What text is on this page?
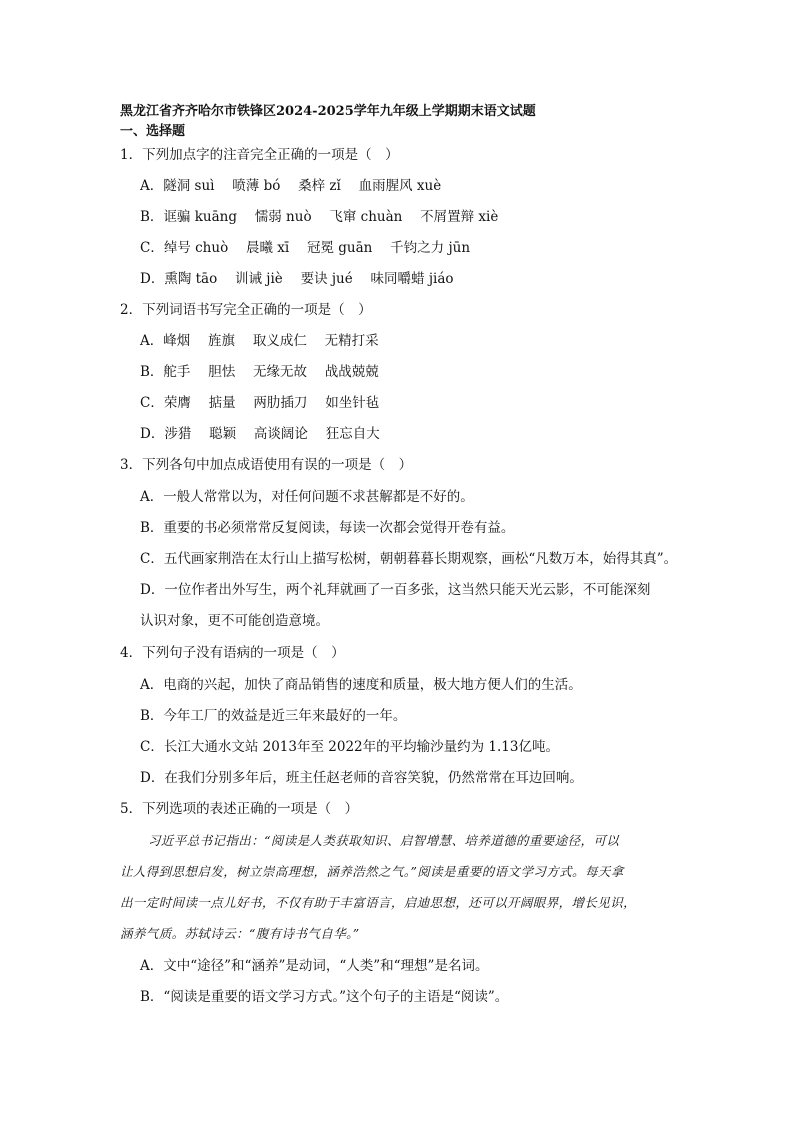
黑龙江省齐齐哈尔市铁锋区2024-2025学年九年级上学期期末语文试题
一、选择题
1．下列加点字的注音完全正确的一项是（　）
A．隧洞 suì　 喷薄 bó　 桑梓 zǐ　 血雨腥风 xuè
B．诓骗 kuāng　 懦弱 nuò　 飞窜 chuàn　 不屑置辩 xiè
C．绰号 chuò　 晨曦 xī　 冠冕 guān　 千钧之力 jūn
D．熏陶 tāo　 训诫 jiè　 要诀 jué　 味同嚼蜡 jiáo
2．下列词语书写完全正确的一项是（　）
A．峰烟　 旌旗　 取义成仁　 无精打采
B．舵手　 胆怯　 无缘无故　 战战兢兢
C．荣膺　 掂量　 两肋插刀　 如坐针毡
D．涉猎　 聪颖　 高谈阔论　 狂忘自大
3．下列各句中加点成语使用有误的一项是（　）
A．一般人常常以为，对任何问题不求甚解都是不好的。
B．重要的书必须常常反复阅读，每读一次都会觉得开卷有益。
C．五代画家荆浩在太行山上描写松树，朝朝暮暮长期观察，画松“凡数万本，始得其真”。
D．一位作者出外写生，两个礼拜就画了一百多张，这当然只能天光云影，不可能深刻
认识对象，更不可能创造意境。
4．下列句子没有语病的一项是（　）
A．电商的兴起，加快了商品销售的速度和质量，极大地方便人们的生活。
B．今年工厂的效益是近三年来最好的一年。
C．长江大通水文站 2013年至 2022年的平均输沙量约为 1.13亿吨。
D．在我们分别多年后，班主任赵老师的音容笑貌，仍然常常在耳边回响。
5．下列选项的表述正确的一项是（　）
习近平总书记指出：“阅读是人类获取知识、启智增慧、培养道德的重要途径，可以
让人得到思想启发，树立崇高理想，涵养浩然之气。”阅读是重要的语文学习方式。每天拿
出一定时间读一点儿好书，不仅有助于丰富语言，启迪思想，还可以开阔眼界，增长见识，
涵养气质。苏轼诗云：“腹有诗书气自华。”
A．文中“途径”和“涵养”是动词，“人类”和“理想”是名词。
B．“阅读是重要的语文学习方式。”这个句子的主语是“阅读”。
